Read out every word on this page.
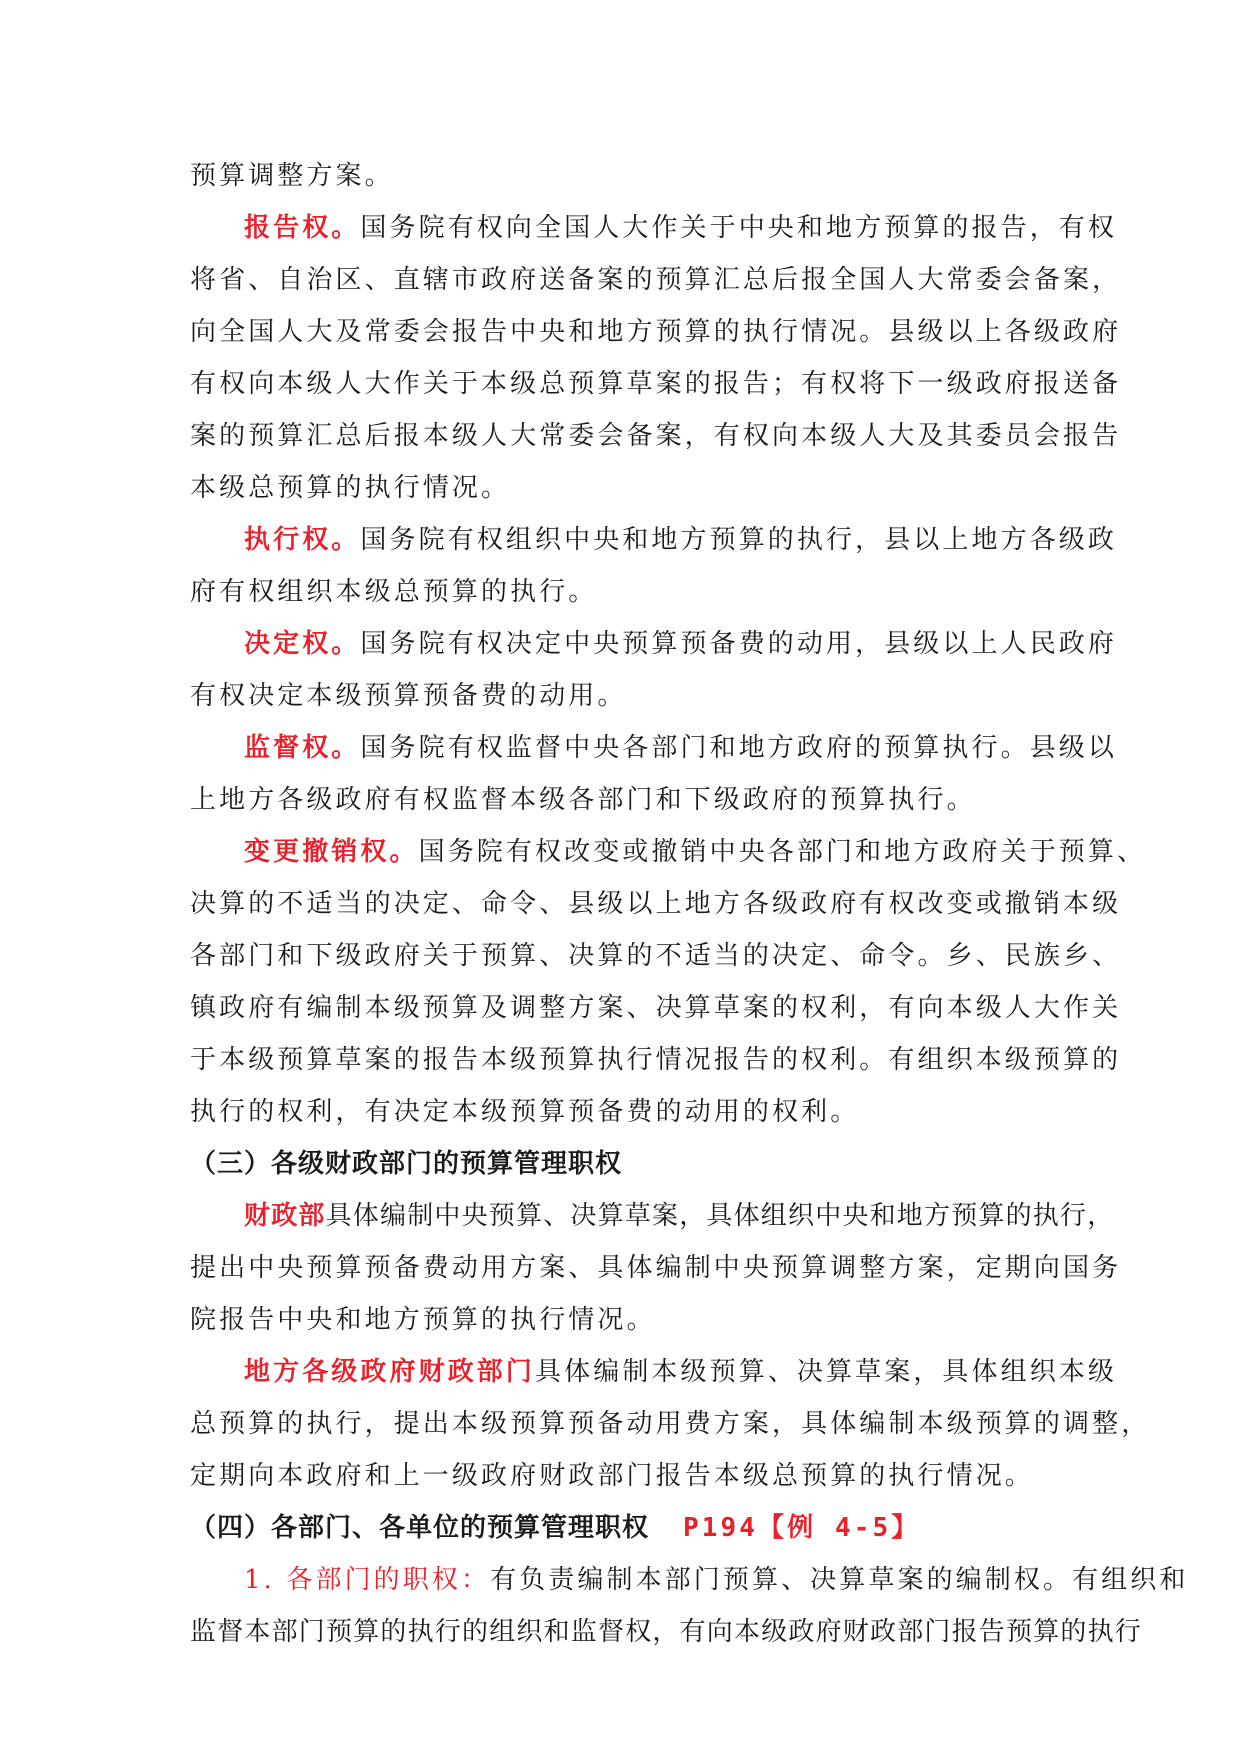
预算调整方案。
报告权。国务院有权向全国人大作关于中央和地方预算的报告，有权
将省、自治区、直辖市政府送备案的预算汇总后报全国人大常委会备案，
向全国人大及常委会报告中央和地方预算的执行情况。县级以上各级政府
有权向本级人大作关于本级总预算草案的报告；有权将下一级政府报送备
案的预算汇总后报本级人大常委会备案，有权向本级人大及其委员会报告
本级总预算的执行情况。
执行权。国务院有权组织中央和地方预算的执行，县以上地方各级政
府有权组织本级总预算的执行。
决定权。国务院有权决定中央预算预备费的动用，县级以上人民政府
有权决定本级预算预备费的动用。
监督权。国务院有权监督中央各部门和地方政府的预算执行。县级以
上地方各级政府有权监督本级各部门和下级政府的预算执行。
变更撤销权。国务院有权改变或撤销中央各部门和地方政府关于预算、
决算的不适当的决定、命令、县级以上地方各级政府有权改变或撤销本级
各部门和下级政府关于预算、决算的不适当的决定、命令。乡、民族乡、
镇政府有编制本级预算及调整方案、决算草案的权利，有向本级人大作关
于本级预算草案的报告本级预算执行情况报告的权利。有组织本级预算的
执行的权利，有决定本级预算预备费的动用的权利。
（三）各级财政部门的预算管理职权
财政部具体编制中央预算、决算草案，具体组织中央和地方预算的执行，
提出中央预算预备费动用方案、具体编制中央预算调整方案，定期向国务
院报告中央和地方预算的执行情况。
地方各级政府财政部门具体编制本级预算、决算草案，具体组织本级
总预算的执行，提出本级预算预备动用费方案，具体编制本级预算的调整，
定期向本政府和上一级政府财政部门报告本级总预算的执行情况。
（四）各部门、各单位的预算管理职权 P194【例 4-5】
1. 各部门的职权：有负责编制本部门预算、决算草案的编制权。有组织和
监督本部门预算的执行的组织和监督权，有向本级政府财政部门报告预算的执行
